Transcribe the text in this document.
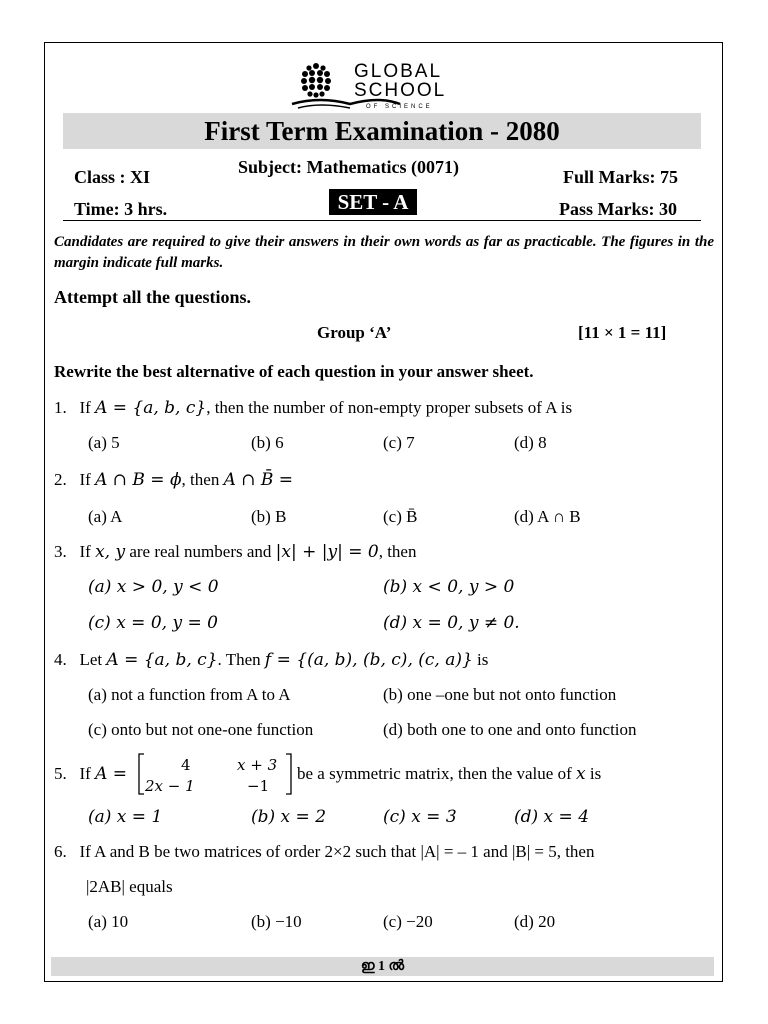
GLOBAL
SCHOOL
OF SCIENCE
First Term Examination - 2080
Class : XI	Subject: Mathematics (0071)	Full Marks: 75
Time: 3 hrs.	SET - A	Pass Marks: 30
Candidates are required to give their answers in their own words as far as practicable. The figures in the margin indicate full marks.
Attempt all the questions.
Group ‘A’	[11 × 1 = 11]
Rewrite the best alternative of each question in your answer sheet.
1. If A = {a, b, c}, then the number of non-empty proper subsets of A is
(a) 5	(b) 6	(c) 7	(d) 8
2. If A ∩ B = ϕ, then A ∩ B̄ =
(a) A	(b) B	(c) B̄	(d) A ∩ B
3. If x, y are real numbers and |x| + |y| = 0, then
(a) x > 0, y < 0	(b) x < 0, y > 0
(c) x = 0, y = 0	(d) x = 0, y ≠ 0.
4. Let A = {a, b, c}. Then f = {(a, b), (b, c), (c, a)} is
(a) not a function from A to A	(b) one –one but not onto function
(c) onto but not one-one function	(d) both one to one and onto function
5. If A =	4	x + 3
2x − 1	−1
be a symmetric matrix, then the value of x is
(a) x = 1	(b) x = 2	(c) x = 3	(d) x = 4
6. If A and B be two matrices of order 2×2 such that |A| = – 1 and |B| = 5, then
|2AB| equals
(a) 10	(b) −10	(c) −20	(d) 20
ഇ 1 ൽ
